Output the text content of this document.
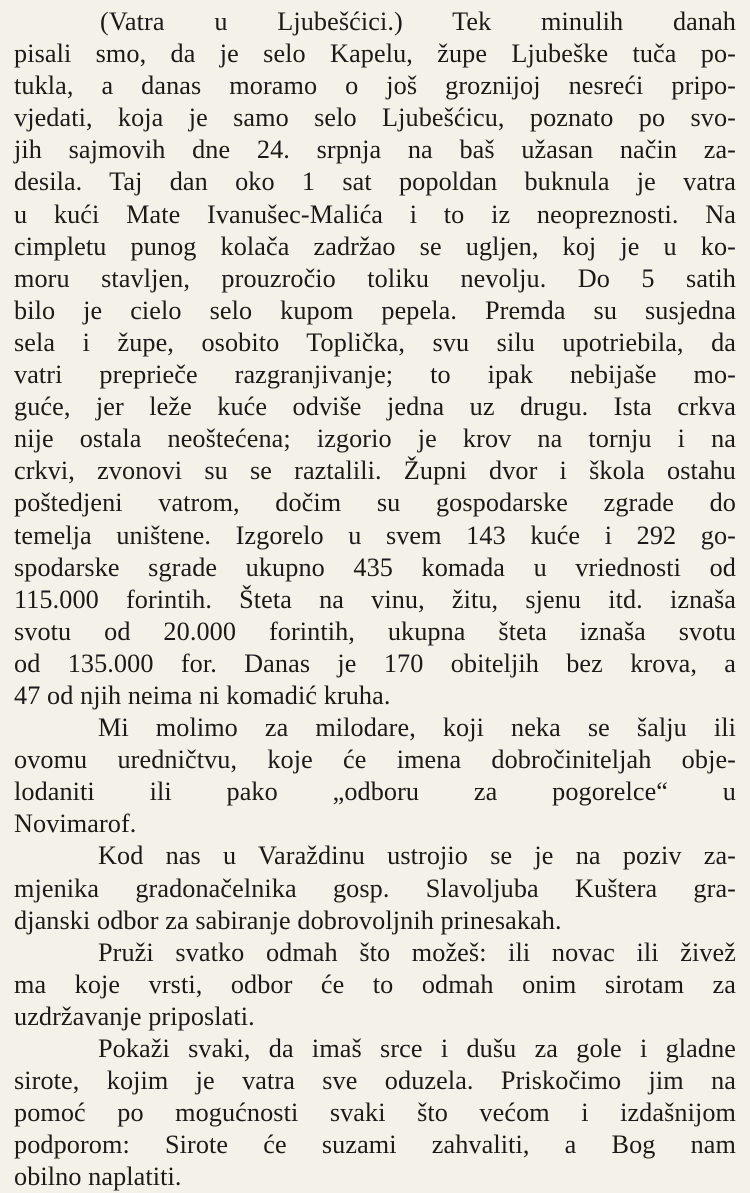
(Vatra u Ljubešćici.) Tek minulih danah
pisali smo, da je selo Kapelu, župe Ljubeške tuča po-
tukla, a danas moramo o još groznijoj nesreći pripo-
vjedati, koja je samo selo Ljubešćicu, poznato po svo-
jih sajmovih dne 24. srpnja na baš užasan način za-
desila. Taj dan oko 1 sat popoldan buknula je vatra
u kući Mate Ivanušec-Malića i to iz neopreznosti. Na
cimpletu punog kolača zadržao se ugljen, koj je u ko-
moru stavljen, prouzročio toliku nevolju. Do 5 satih
bilo je cielo selo kupom pepela. Premda su susjedna
sela i župe, osobito Toplička, svu silu upotriebila, da
vatri preprieče razgranjivanje; to ipak nebijaše mo-
guće, jer leže kuće odviše jedna uz drugu. Ista crkva
nije ostala neoštećena; izgorio je krov na tornju i na
crkvi, zvonovi su se raztalili. Župni dvor i škola ostahu
poštedjeni vatrom, dočim su gospodarske zgrade do
temelja uništene. Izgorelo u svem 143 kuće i 292 go-
spodarske sgrade ukupno 435 komada u vriednosti od
115.000 forintih. Šteta na vinu, žitu, sjenu itd. iznaša
svotu od 20.000 forintih, ukupna šteta iznaša svotu
od 135.000 for. Danas je 170 obiteljih bez krova, a
47 od njih neima ni komadić kruha.
Mi molimo za milodare, koji neka se šalju ili
ovomu uredničtvu, koje će imena dobročiniteljah obje-
lodaniti ili pako „odboru za pogorelce“ u
Novimarof.
Kod nas u Varaždinu ustrojio se je na poziv za-
mjenika gradonačelnika gosp. Slavoljuba Kuštera gra-
djanski odbor za sabiranje dobrovoljnih prinesakah.
Pruži svatko odmah što možeš: ili novac ili živež
ma koje vrsti, odbor će to odmah onim sirotam za
uzdržavanje priposlati.
Pokaži svaki, da imaš srce i dušu za gole i gladne
sirote, kojim je vatra sve oduzela. Priskočimo jim na
pomoć po mogućnosti svaki što većom i izdašnijom
podporom: Sirote će suzami zahvaliti, a Bog nam
obilno naplatiti.
